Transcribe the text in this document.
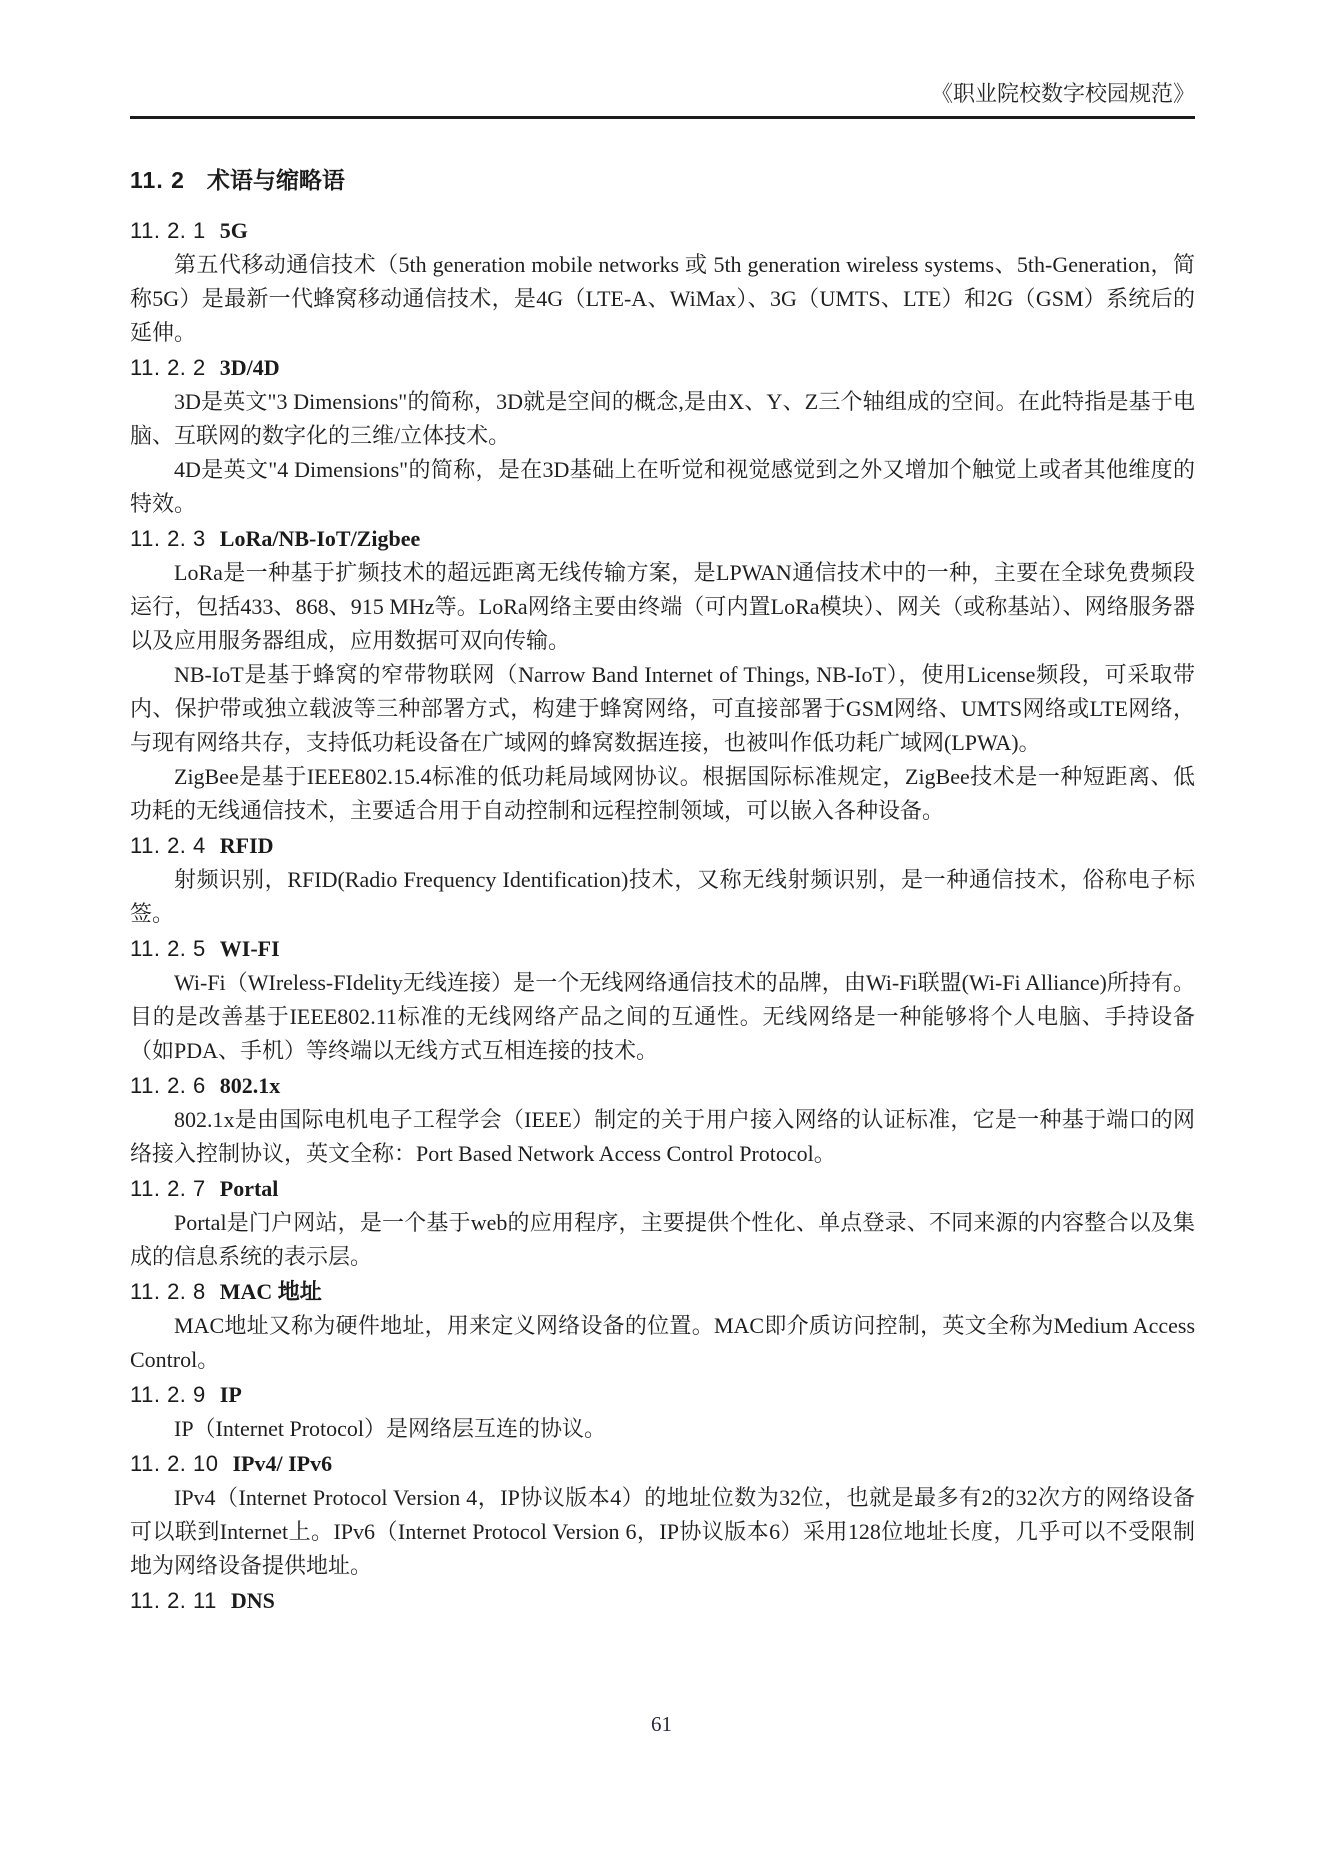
《职业院校数字校园规范》
11. 2 术语与缩略语
11. 2. 1 5G

第五代移动通信技术（5th generation mobile networks 或 5th generation wireless systems、5th-Generation，简称5G）是最新一代蜂窝移动通信技术，是4G（LTE-A、WiMax）、3G（UMTS、LTE）和2G（GSM）系统后的延伸。

11. 2. 2 3D/4D

3D是英文"3 Dimensions"的简称，3D就是空间的概念,是由X、Y、Z三个轴组成的空间。在此特指是基于电脑、互联网的数字化的三维/立体技术。

4D是英文"4 Dimensions"的简称，是在3D基础上在听觉和视觉感觉到之外又增加个触觉上或者其他维度的特效。

11. 2. 3 LoRa/NB-IoT/Zigbee

LoRa是一种基于扩频技术的超远距离无线传输方案，是LPWAN通信技术中的一种，主要在全球免费频段运行，包括433、868、915 MHz等。LoRa网络主要由终端（可内置LoRa模块）、网关（或称基站）、网络服务器以及应用服务器组成，应用数据可双向传输。

NB-IoT是基于蜂窝的窄带物联网（Narrow Band Internet of Things, NB-IoT），使用License频段，可采取带内、保护带或独立载波等三种部署方式，构建于蜂窝网络，可直接部署于GSM网络、UMTS网络或LTE网络，与现有网络共存，支持低功耗设备在广域网的蜂窝数据连接，也被叫作低功耗广域网(LPWA)。

ZigBee是基于IEEE802.15.4标准的低功耗局域网协议。根据国际标准规定，ZigBee技术是一种短距离、低功耗的无线通信技术，主要适合用于自动控制和远程控制领域，可以嵌入各种设备。

11. 2. 4 RFID

射频识别，RFID(Radio Frequency Identification)技术，又称无线射频识别，是一种通信技术，俗称电子标签。

11. 2. 5 WI-FI

Wi-Fi（WIreless-FIdelity无线连接）是一个无线网络通信技术的品牌，由Wi-Fi联盟(Wi-Fi Alliance)所持有。目的是改善基于IEEE802.11标准的无线网络产品之间的互通性。无线网络是一种能够将个人电脑、手持设备（如PDA、手机）等终端以无线方式互相连接的技术。

11. 2. 6 802.1x

802.1x是由国际电机电子工程学会（IEEE）制定的关于用户接入网络的认证标准，它是一种基于端口的网络接入控制协议，英文全称：Port Based Network Access Control Protocol。

11. 2. 7 Portal

Portal是门户网站，是一个基于web的应用程序，主要提供个性化、单点登录、不同来源的内容整合以及集成的信息系统的表示层。

11. 2. 8 MAC 地址

MAC地址又称为硬件地址，用来定义网络设备的位置。MAC即介质访问控制，英文全称为Medium Access Control。

11. 2. 9 IP

IP（Internet Protocol）是网络层互连的协议。

11. 2. 10 IPv4/ IPv6

IPv4（Internet Protocol Version 4，IP协议版本4）的地址位数为32位，也就是最多有2的32次方的网络设备可以联到Internet上。IPv6（Internet Protocol Version 6，IP协议版本6）采用128位地址长度，几乎可以不受限制地为网络设备提供地址。

11. 2. 11 DNS
61
